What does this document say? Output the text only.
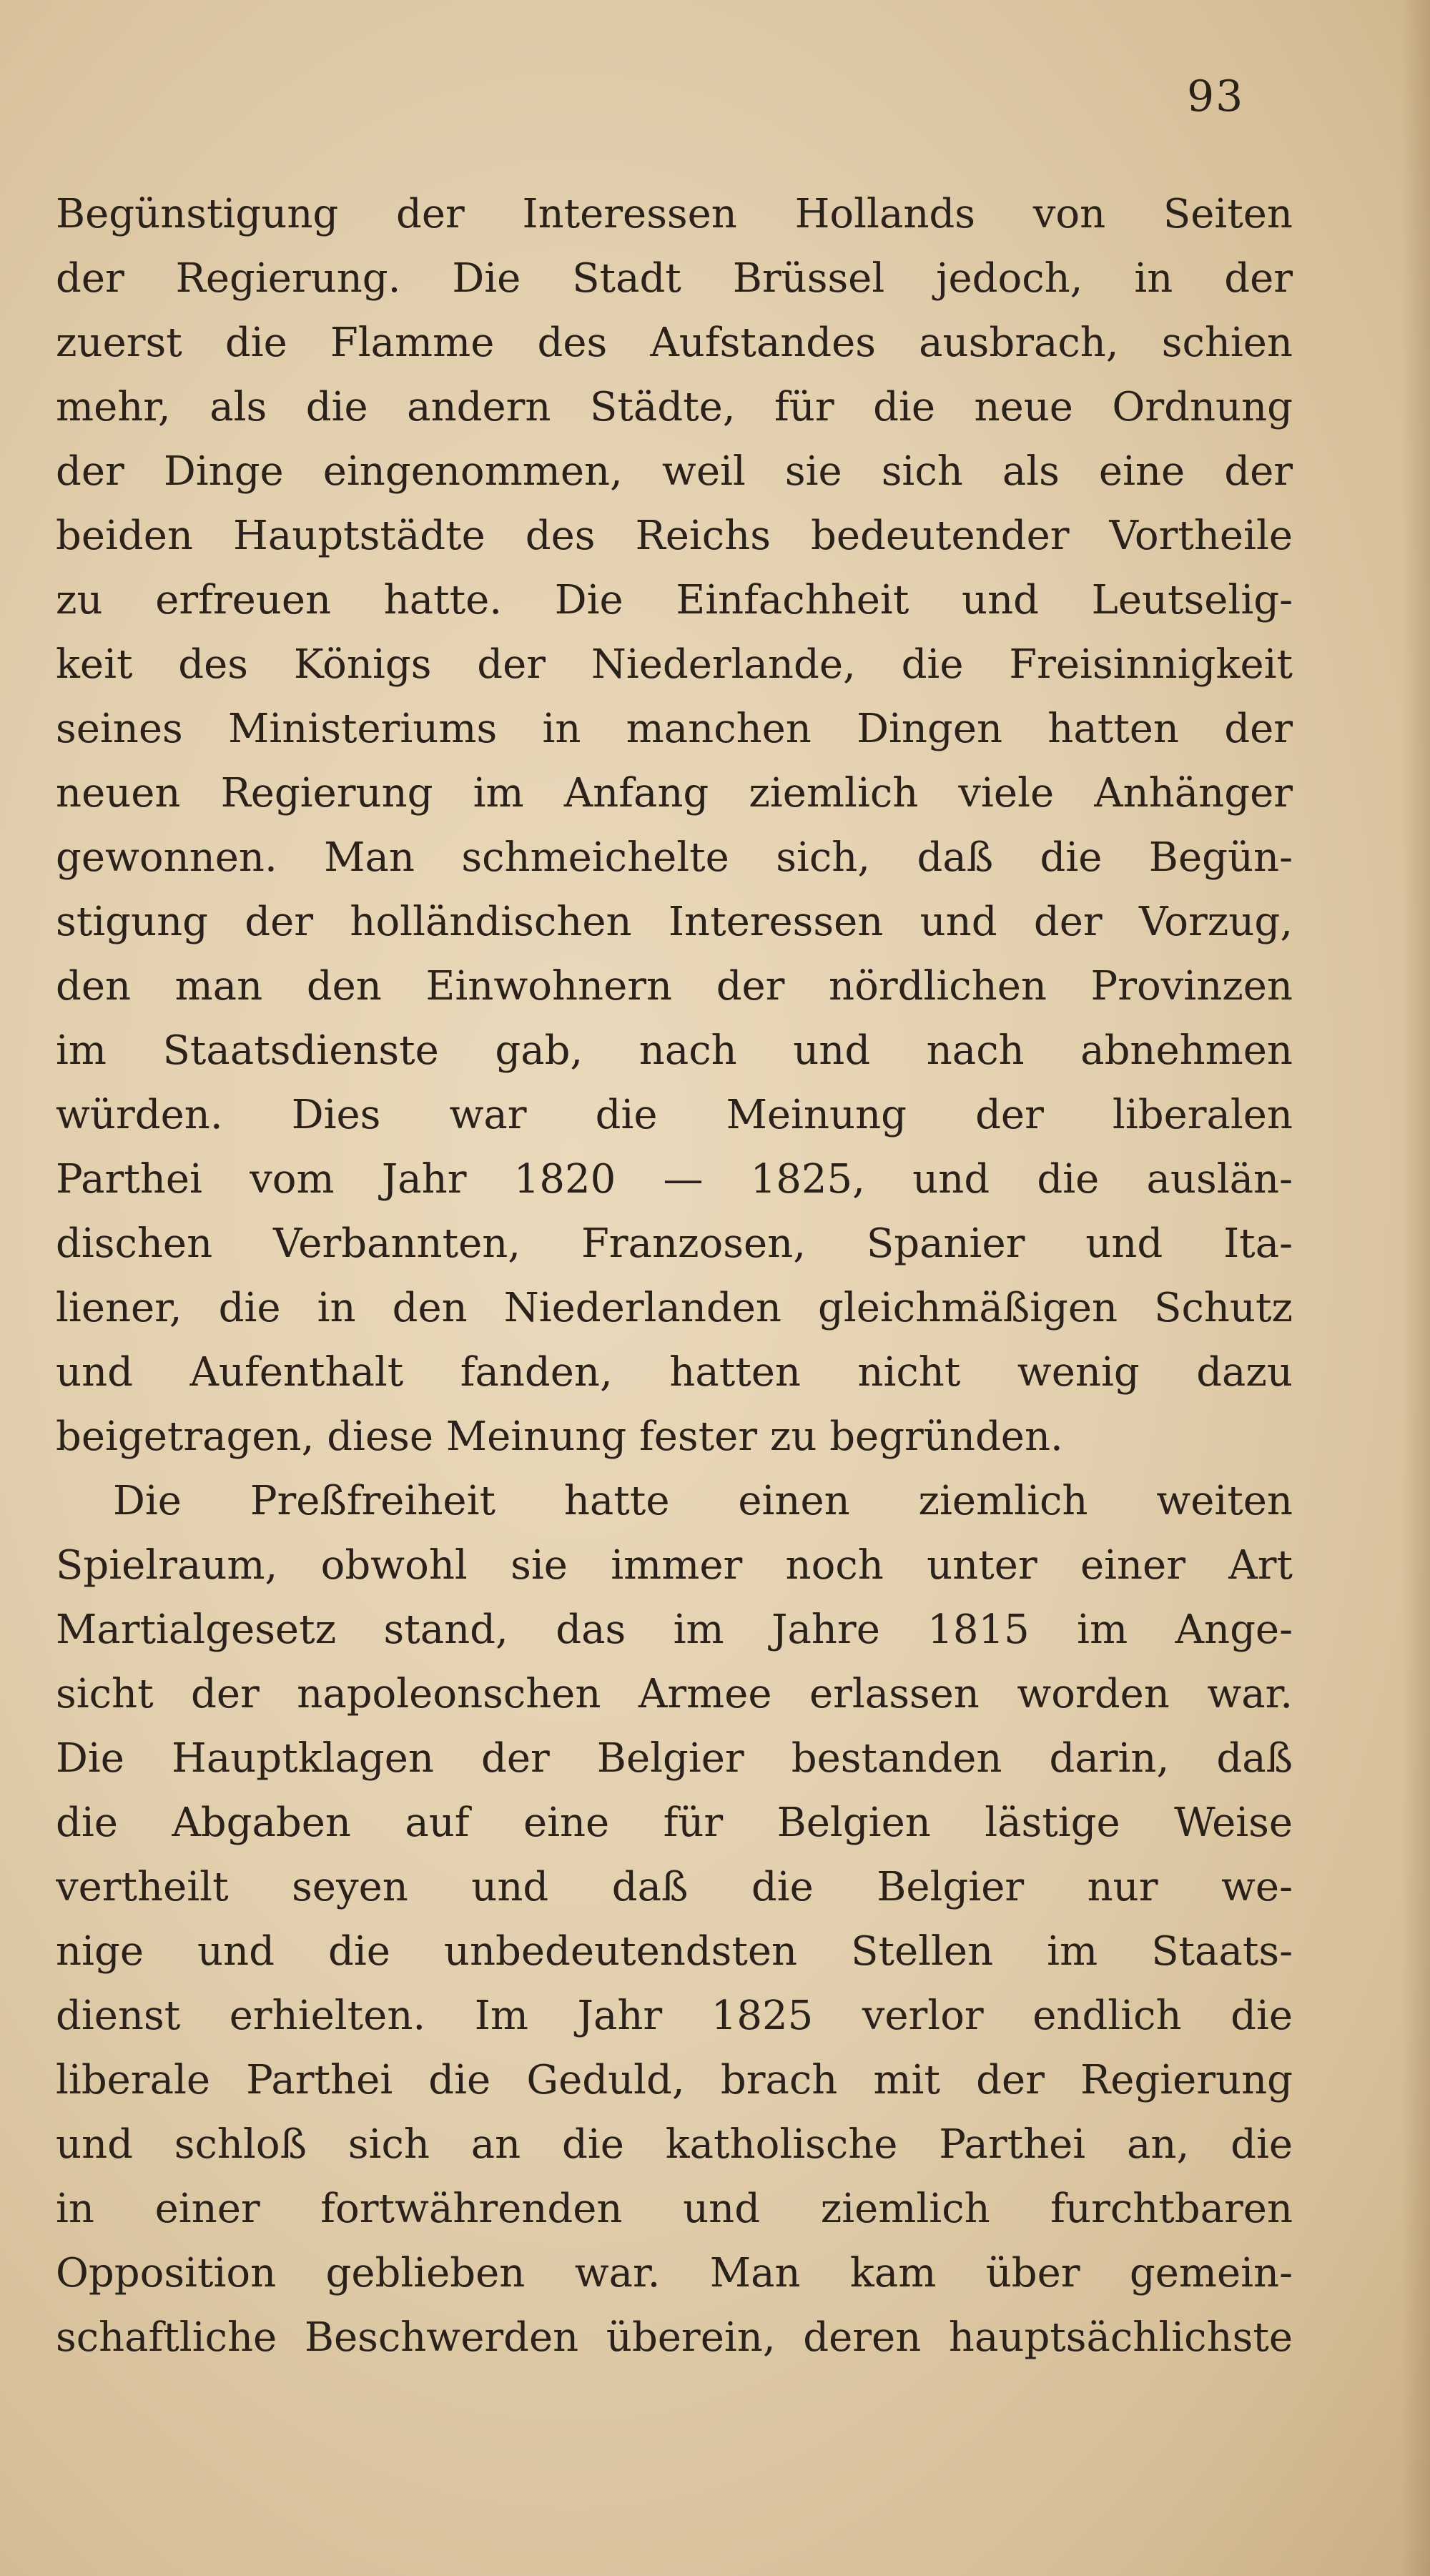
93
Begünstigung der Interessen Hollands von Seiten
der Regierung. Die Stadt Brüssel jedoch, in der
zuerst die Flamme des Aufstandes ausbrach, schien
mehr, als die andern Städte, für die neue Ordnung
der Dinge eingenommen, weil sie sich als eine der
beiden Hauptstädte des Reichs bedeutender Vortheile
zu erfreuen hatte. Die Einfachheit und Leutselig-
keit des Königs der Niederlande, die Freisinnigkeit
seines Ministeriums in manchen Dingen hatten der
neuen Regierung im Anfang ziemlich viele Anhänger
gewonnen. Man schmeichelte sich, daß die Begün-
stigung der holländischen Interessen und der Vorzug,
den man den Einwohnern der nördlichen Provinzen
im Staatsdienste gab, nach und nach abnehmen
würden. Dies war die Meinung der liberalen
Parthei vom Jahr 1820 — 1825, und die auslän-
dischen Verbannten, Franzosen, Spanier und Ita-
liener, die in den Niederlanden gleichmäßigen Schutz
und Aufenthalt fanden, hatten nicht wenig dazu
beigetragen, diese Meinung fester zu begründen.
Die Preßfreiheit hatte einen ziemlich weiten
Spielraum, obwohl sie immer noch unter einer Art
Martialgesetz stand, das im Jahre 1815 im Ange-
sicht der napoleonschen Armee erlassen worden war.
Die Hauptklagen der Belgier bestanden darin, daß
die Abgaben auf eine für Belgien lästige Weise
vertheilt seyen und daß die Belgier nur we-
nige und die unbedeutendsten Stellen im Staats-
dienst erhielten. Im Jahr 1825 verlor endlich die
liberale Parthei die Geduld, brach mit der Regierung
und schloß sich an die katholische Parthei an, die
in einer fortwährenden und ziemlich furchtbaren
Opposition geblieben war. Man kam über gemein-
schaftliche Beschwerden überein, deren hauptsächlichste
